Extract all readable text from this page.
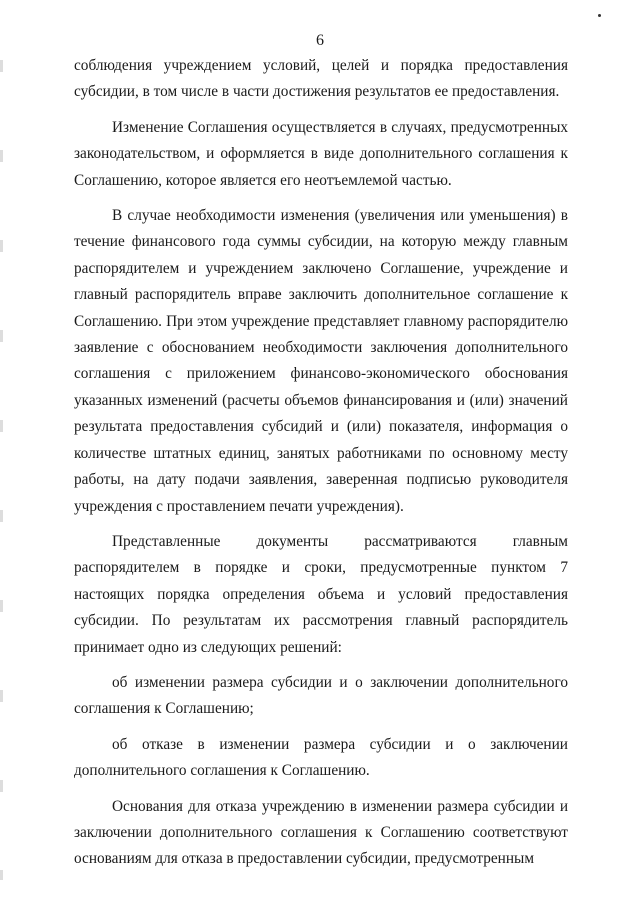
6

соблюдения учреждением условий, целей и порядка предоставления субсидии, в том числе в части достижения результатов ее предоставления.

Изменение Соглашения осуществляется в случаях, предусмотренных законодательством, и оформляется в виде дополнительного соглашения к Соглашению, которое является его неотъемлемой частью.

В случае необходимости изменения (увеличения или уменьшения) в течение финансового года суммы субсидии, на которую между главным распорядителем и учреждением заключено Соглашение, учреждение и главный распорядитель вправе заключить дополнительное соглашение к Соглашению. При этом учреждение представляет главному распорядителю заявление с обоснованием необходимости заключения дополнительного соглашения с приложением финансово-экономического обоснования указанных изменений (расчеты объемов финансирования и (или) значений результата предоставления субсидий и (или) показателя, информация о количестве штатных единиц, занятых работниками по основному месту работы, на дату подачи заявления, заверенная подписью руководителя учреждения с проставлением печати учреждения).

Представленные документы рассматриваются главным распорядителем в порядке и сроки, предусмотренные пунктом 7 настоящих порядка определения объема и условий предоставления субсидии. По результатам их рассмотрения главный распорядитель принимает одно из следующих решений:

об изменении размера субсидии и о заключении дополнительного соглашения к Соглашению;

об отказе в изменении размера субсидии и о заключении дополнительного соглашения к Соглашению.

Основания для отказа учреждению в изменении размера субсидии и заключении дополнительного соглашения к Соглашению соответствуют основаниям для отказа в предоставлении субсидии, предусмотренным
